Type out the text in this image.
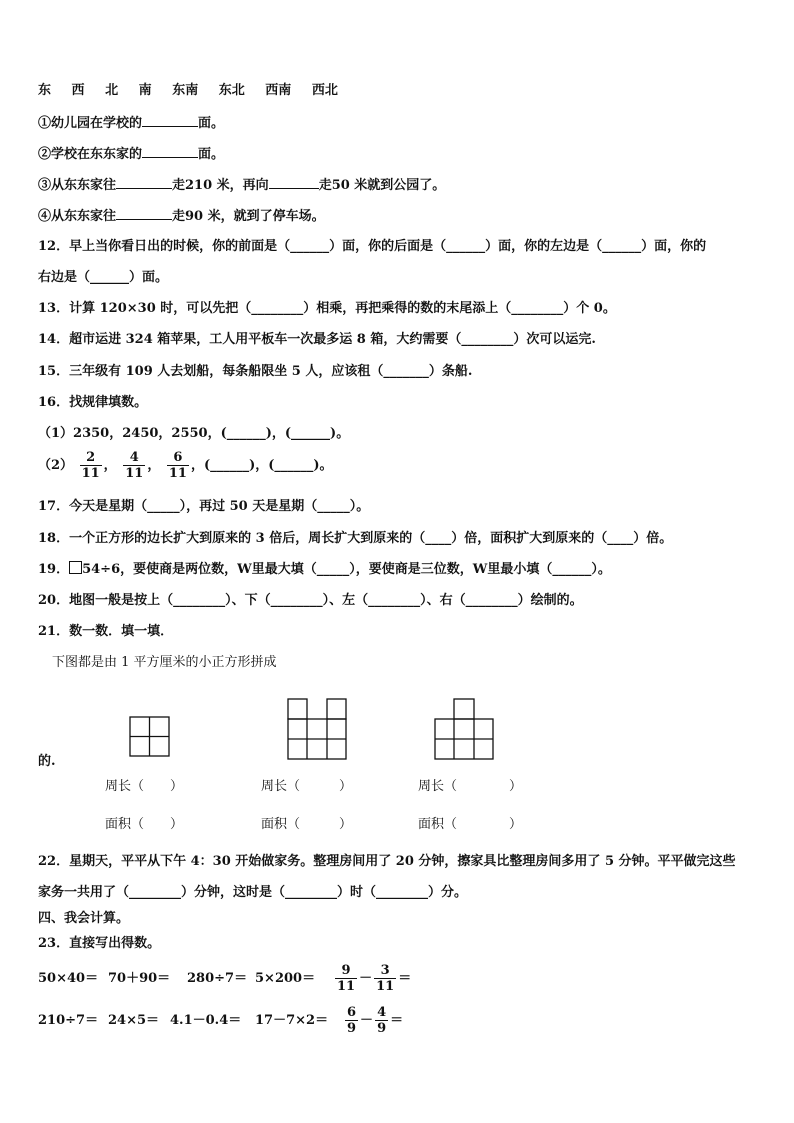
东 西 北 南 东南 东北 西南 西北
①幼儿园在学校的	面。
②学校在东东家的	面。
③从东东家往	走210 米，再向	走50 米就到公园了。
④从东东家往	走90 米，就到了停车场。
12．早上当你看日出的时候，你的前面是（______）面，你的后面是（______）面，你的左边是（______）面，你的
右边是（______）面。
13．计算 120×30 时，可以先把（________）相乘，再把乘得的数的末尾添上（________）个 0。
14．超市运进 324 箱苹果，工人用平板车一次最多运 8 箱，大约需要（________）次可以运完.
15．三年级有 109 人去划船，每条船限坐 5 人，应该租（_______）条船.
16．找规律填数。
（1）2350，2450，2550，(______)，(______)。
$(2) \frac{2}{11}$ ， $\frac{4}{11}$ ， $\frac{6}{11}$ ，(______)，(______)。
17．今天是星期（_____），再过 50 天是星期（_____）。
18．一个正方形的边长扩大到原来的 3 倍后，周长扩大到原来的（____）倍，面积扩大到原来的（____）倍。
19． 54÷6，要使商是两位数，W里最大填（_____），要使商是三位数，W里最小填（______）。
20．地图一般是按上（________）、下（________）、左（________）、右（________）绘制的。
21．数一数．填一填．
下图都是由 1 平方厘米的小正方形拼成
的.
周长（　　）	周长（　　　）	周长（　　　　）
面积（　　）	面积（　　　）	面积（　　　　）
22．星期天，平平从下午 4：30 开始做家务。整理房间用了 20 分钟，擦家具比整理房间多用了 5 分钟。平平做完这些
家务一共用了（________）分钟，这时是（________）时（________）分。
四、我会计算。
23．直接写出得数。
$50\times 40= 70+90= 280\div 7= 5\times 200= \frac{9}{11} - \frac{3}{11}$ ＝
$210\div 7= 24\times 5= 4.1-0.4= 17-7\times 2= \frac{6}{9} - \frac{4}{9}$ ＝
